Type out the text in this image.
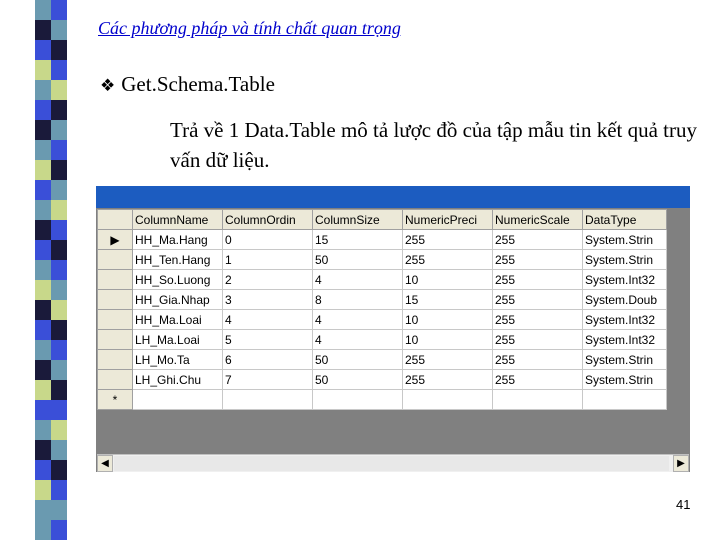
Các phương pháp và tính chất quan trọng
❖ Get.Schema.Table

Trả về 1 Data.Table mô tả lược đồ của tập mẫu tin kết quả truy vấn dữ liệu.

	ColumnName	ColumnOrdin	ColumnSize	NumericPreci	NumericScale	DataType
▶	HH_Ma.Hang	0	15	255	255	System.Strin
	HH_Ten.Hang	1	50	255	255	System.Strin
	HH_So.Luong	2	4	10	255	System.Int32
	HH_Gia.Nhap	3	8	15	255	System.Doub
	HH_Ma.Loai	4	4	10	255	System.Int32
	LH_Ma.Loai	5	4	10	255	System.Int32
	LH_Mo.Ta	6	50	255	255	System.Strin
	LH_Ghi.Chu	7	50	255	255	System.Strin
*						
◀	▶
41
